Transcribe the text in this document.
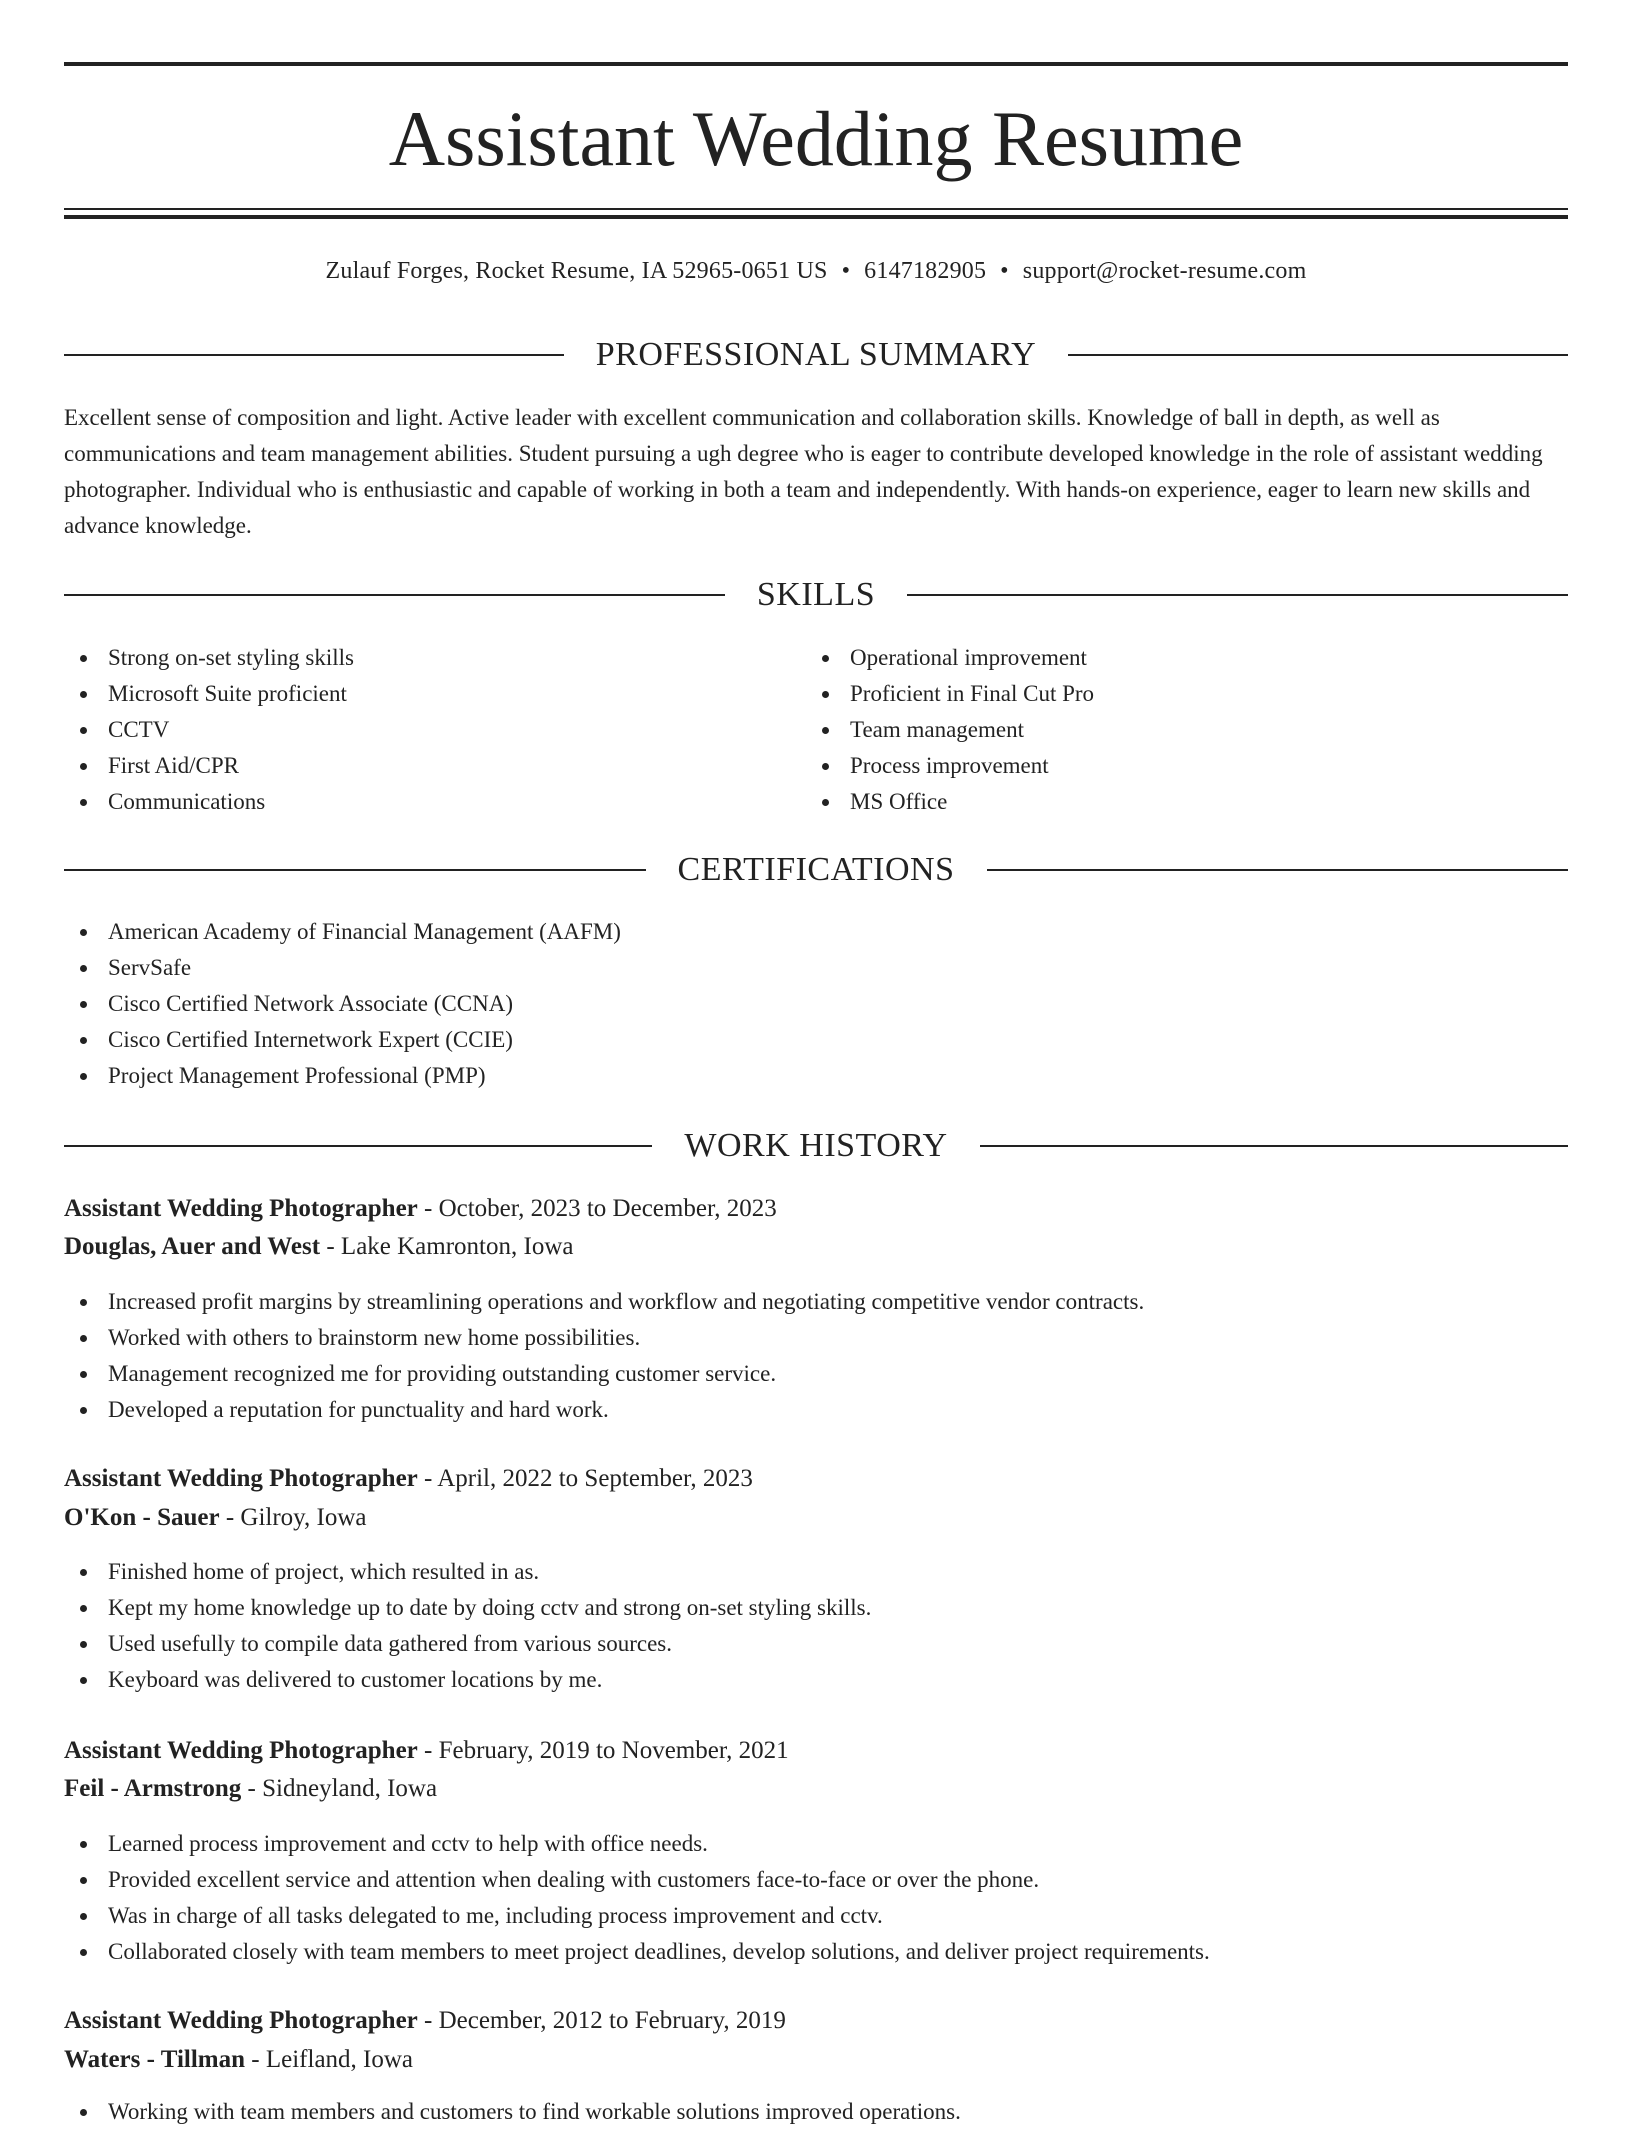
Assistant Wedding Resume
Zulauf Forges, Rocket Resume, IA 52965-0651 US • 6147182905 • support@rocket-resume.com
PROFESSIONAL SUMMARY

Excellent sense of composition and light. Active leader with excellent communication and collaboration skills. Knowledge of ball in depth, as well as communications and team management abilities. Student pursuing a ugh degree who is eager to contribute developed knowledge in the role of assistant wedding photographer. Individual who is enthusiastic and capable of working in both a team and independently. With hands-on experience, eager to learn new skills and advance knowledge.

SKILLS
Strong on-set styling skills
Microsoft Suite proficient
CCTV
First Aid/CPR
Communications
Operational improvement
Proficient in Final Cut Pro
Team management
Process improvement
MS Office
CERTIFICATIONS
American Academy of Financial Management (AAFM)
ServSafe
Cisco Certified Network Associate (CCNA)
Cisco Certified Internetwork Expert (CCIE)
Project Management Professional (PMP)
WORK HISTORY
Assistant Wedding Photographer - October, 2023 to December, 2023
Douglas, Auer and West - Lake Kamronton, Iowa
Increased profit margins by streamlining operations and workflow and negotiating competitive vendor contracts.
Worked with others to brainstorm new home possibilities.
Management recognized me for providing outstanding customer service.
Developed a reputation for punctuality and hard work.
Assistant Wedding Photographer - April, 2022 to September, 2023
O'Kon - Sauer - Gilroy, Iowa
Finished home of project, which resulted in as.
Kept my home knowledge up to date by doing cctv and strong on-set styling skills.
Used usefully to compile data gathered from various sources.
Keyboard was delivered to customer locations by me.
Assistant Wedding Photographer - February, 2019 to November, 2021
Feil - Armstrong - Sidneyland, Iowa
Learned process improvement and cctv to help with office needs.
Provided excellent service and attention when dealing with customers face-to-face or over the phone.
Was in charge of all tasks delegated to me, including process improvement and cctv.
Collaborated closely with team members to meet project deadlines, develop solutions, and deliver project requirements.
Assistant Wedding Photographer - December, 2012 to February, 2019
Waters - Tillman - Leifland, Iowa
Working with team members and customers to find workable solutions improved operations.
